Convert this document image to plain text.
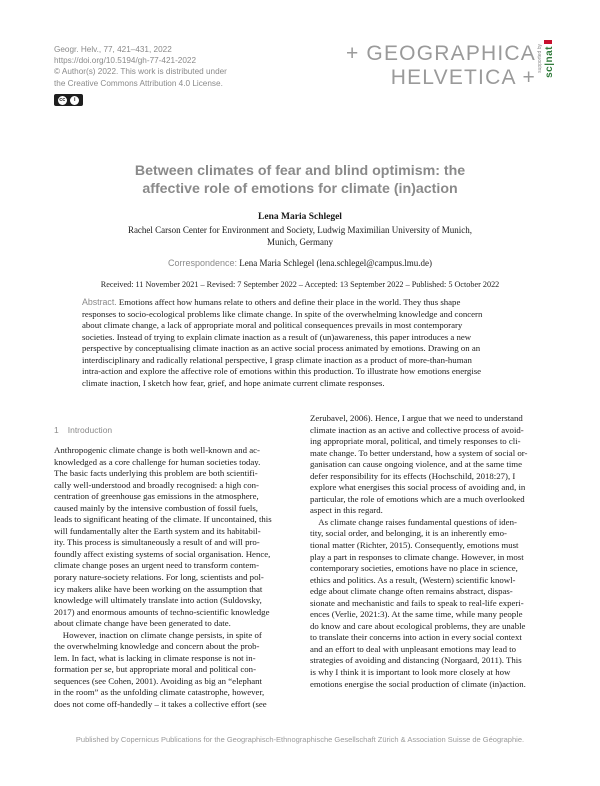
Geogr. Helv., 77, 421–431, 2022
https://doi.org/10.5194/gh-77-421-2022
© Author(s) 2022. This work is distributed under
the Creative Commons Attribution 4.0 License.
cc	i
+ GEOGRAPHICA
HELVETICA +
supported by sc|nat
Between climates of fear and blind optimism: the
affective role of emotions for climate (in)action
Lena Maria Schlegel
Rachel Carson Center for Environment and Society, Ludwig Maximilian University of Munich,
Munich, Germany
Correspondence: Lena Maria Schlegel (lena.schlegel@campus.lmu.de)
Received: 11 November 2021 – Revised: 7 September 2022 – Accepted: 13 September 2022 – Published: 5 October 2022
Abstract. Emotions affect how humans relate to others and define their place in the world. They thus shape
responses to socio-ecological problems like climate change. In spite of the overwhelming knowledge and concern
about climate change, a lack of appropriate moral and political consequences prevails in most contemporary
societies. Instead of trying to explain climate inaction as a result of (un)awareness, this paper introduces a new
perspective by conceptualising climate inaction as an active social process animated by emotions. Drawing on an
interdisciplinary and radically relational perspective, I grasp climate inaction as a product of more-than-human
intra-action and explore the affective role of emotions within this production. To illustrate how emotions energise
climate inaction, I sketch how fear, grief, and hope animate current climate responses.
1 Introduction
Anthropogenic climate change is both well-known and ac-
knowledged as a core challenge for human societies today.
The basic facts underlying this problem are both scientifi-
cally well-understood and broadly recognised: a high con-
centration of greenhouse gas emissions in the atmosphere,
caused mainly by the intensive combustion of fossil fuels,
leads to significant heating of the climate. If uncontained, this
will fundamentally alter the Earth system and its habitabil-
ity. This process is simultaneously a result of and will pro-
foundly affect existing systems of social organisation. Hence,
climate change poses an urgent need to transform contem-
porary nature-society relations. For long, scientists and pol-
icy makers alike have been working on the assumption that
knowledge will ultimately translate into action (Suldovsky,
2017) and enormous amounts of techno-scientific knowledge
about climate change have been generated to date.
However, inaction on climate change persists, in spite of
the overwhelming knowledge and concern about the prob-
lem. In fact, what is lacking in climate response is not in-
formation per se, but appropriate moral and political con-
sequences (see Cohen, 2001). Avoiding as big an “elephant
in the room” as the unfolding climate catastrophe, however,
does not come off-handedly – it takes a collective effort (see
Zerubavel, 2006). Hence, I argue that we need to understand
climate inaction as an active and collective process of avoid-
ing appropriate moral, political, and timely responses to cli-
mate change. To better understand, how a system of social or-
ganisation can cause ongoing violence, and at the same time
defer responsibility for its effects (Hochschild, 2018:27), I
explore what energises this social process of avoiding and, in
particular, the role of emotions which are a much overlooked
aspect in this regard.
As climate change raises fundamental questions of iden-
tity, social order, and belonging, it is an inherently emo-
tional matter (Richter, 2015). Consequently, emotions must
play a part in responses to climate change. However, in most
contemporary societies, emotions have no place in science,
ethics and politics. As a result, (Western) scientific knowl-
edge about climate change often remains abstract, dispas-
sionate and mechanistic and fails to speak to real-life experi-
ences (Verlie, 2021:3). At the same time, while many people
do know and care about ecological problems, they are unable
to translate their concerns into action in every social context
and an effort to deal with unpleasant emotions may lead to
strategies of avoiding and distancing (Norgaard, 2011). This
is why I think it is important to look more closely at how
emotions energise the social production of climate (in)action.
Published by Copernicus Publications for the Geographisch-Ethnographische Gesellschaft Zürich & Association Suisse de Géographie.
